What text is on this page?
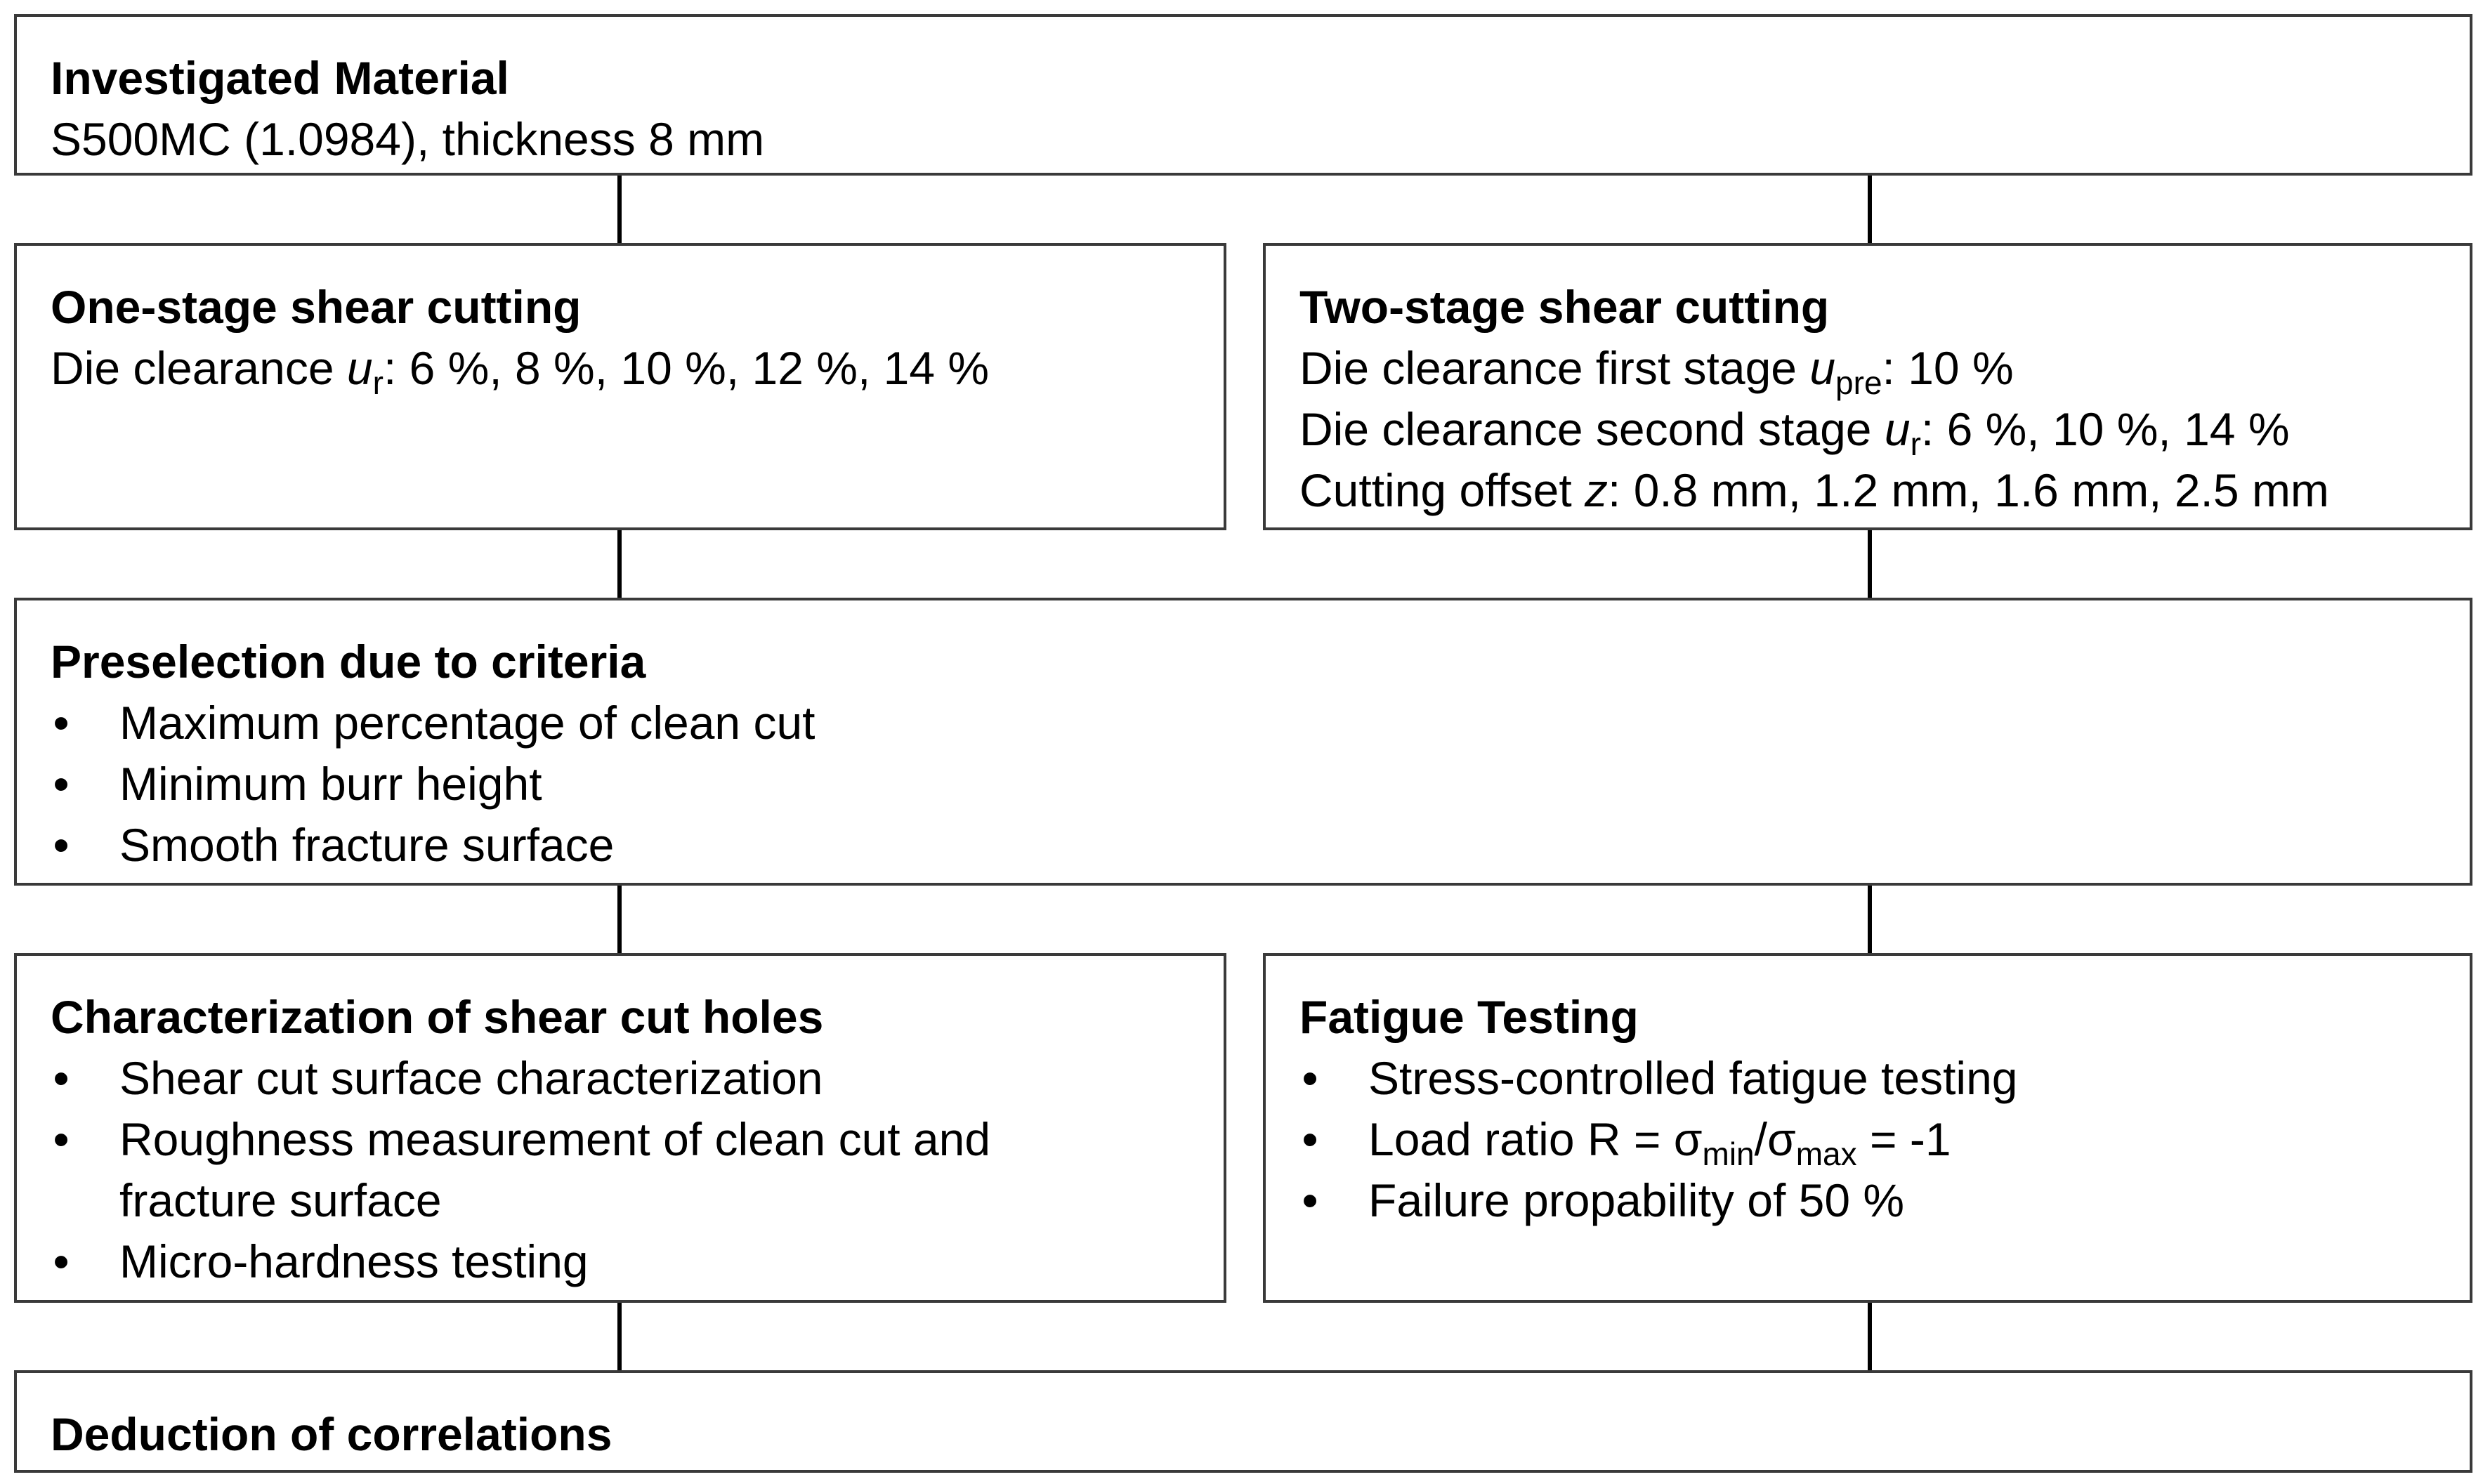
Investigated Material
S500MC (1.0984), thickness 8 mm
One-stage shear cutting
Die clearance $u_r$: 6 %, 8 %, 10 %, 12 %, 14 %
Two-stage shear cutting
Die clearance first stage $u_{pre}$: 10 %
Die clearance second stage $u_r$: 6 %, 10 %, 14 %
Cutting offset z: 0.8 mm, 1.2 mm, 1.6 mm, 2.5 mm
Preselection due to criteria
• Maximum percentage of clean cut
• Minimum burr height
• Smooth fracture surface
Characterization of shear cut holes
• Shear cut surface characterization
• Roughness measurement of clean cut and fracture surface
• Micro-hardness testing
Fatigue Testing
• Stress-controlled fatigue testing
• Load ratio $R = \sigma_{min}/\sigma_{max} = -1$
• Failure propability of 50 %
Deduction of correlations
